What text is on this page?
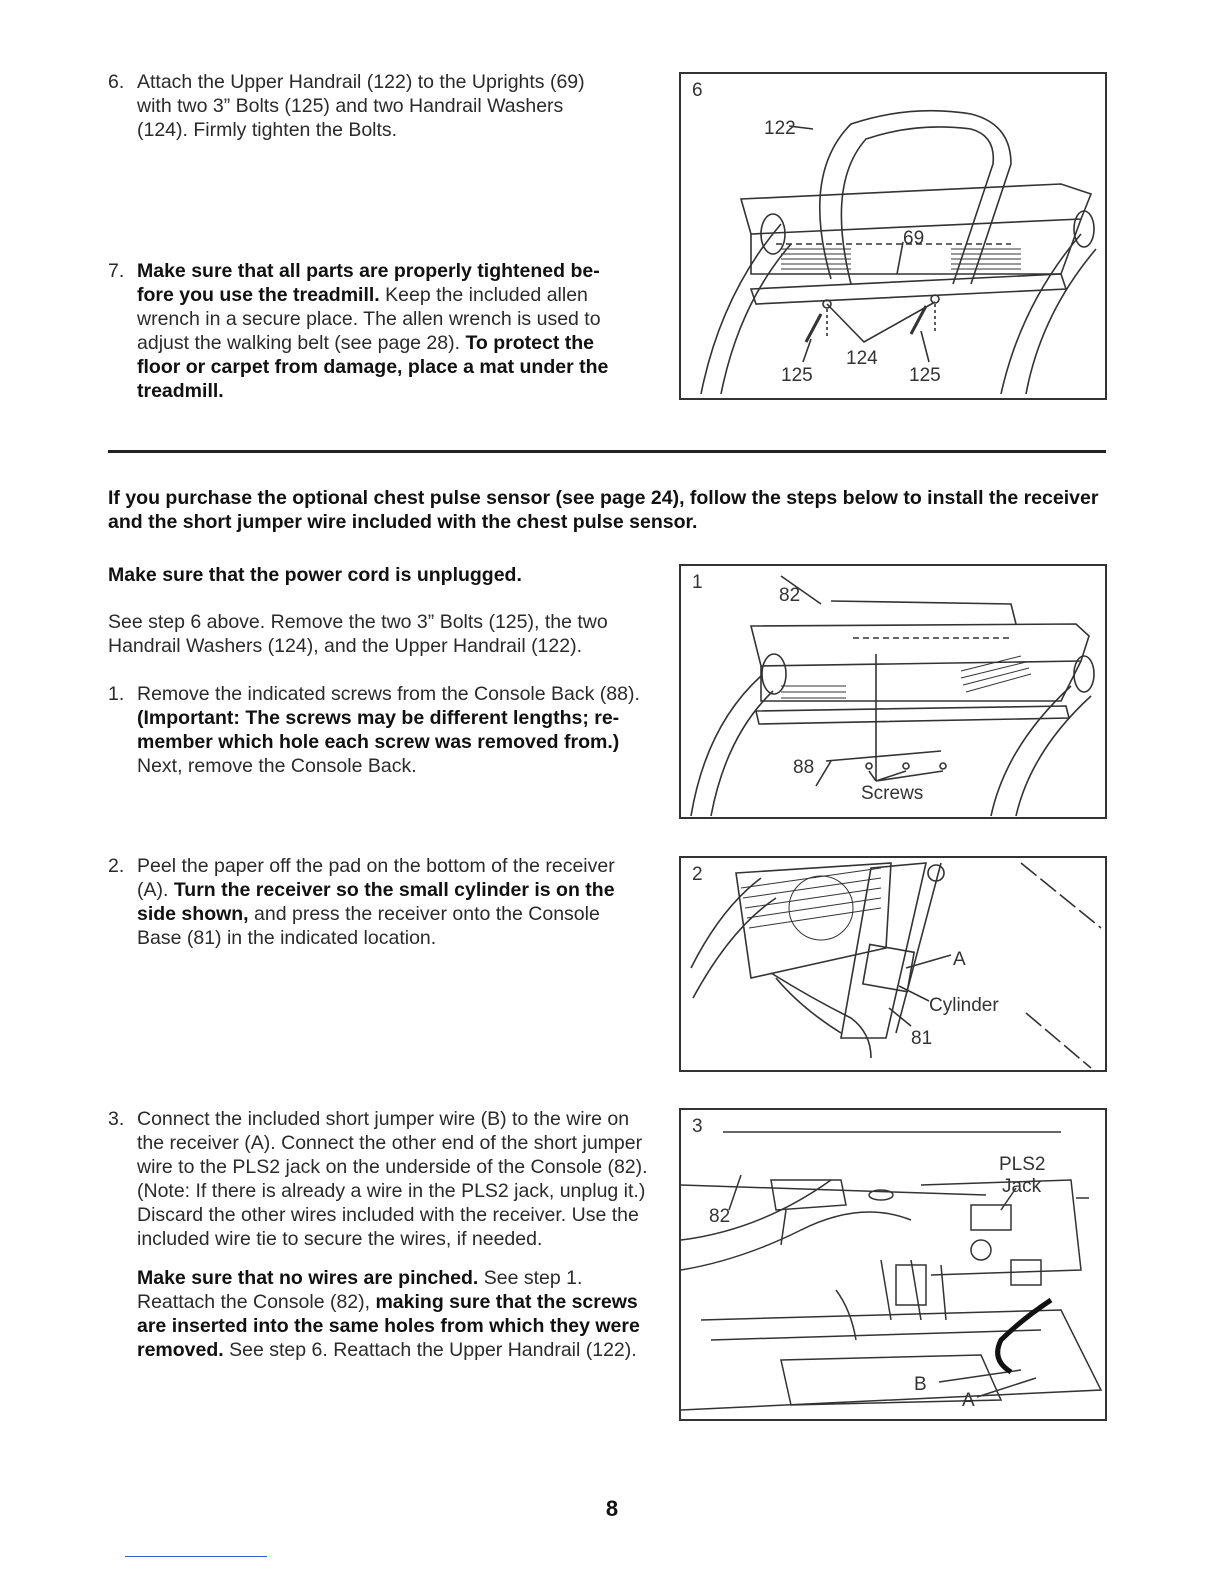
6. Attach the Upper Handrail (122) to the Uprights (69) with two 3” Bolts (125) and two Handrail Washers (124). Firmly tighten the Bolts.
7. Make sure that all parts are properly tightened be-fore you use the treadmill. Keep the included allen wrench in a secure place. The allen wrench is used to adjust the walking belt (see page 28). To protect the floor or carpet from damage, place a mat under the treadmill.
6
122
69
124
125	125
If you purchase the optional chest pulse sensor (see page 24), follow the steps below to install the receiver and the short jumper wire included with the chest pulse sensor.
Make sure that the power cord is unplugged.
See step 6 above. Remove the two 3” Bolts (125), the two Handrail Washers (124), and the Upper Handrail (122).
1. Remove the indicated screws from the Console Back (88). (Important: The screws may be different lengths; re-member which hole each screw was removed from.) Next, remove the Console Back.
1
82
88
Screws
2. Peel the paper off the pad on the bottom of the receiver (A). Turn the receiver so the small cylinder is on the side shown, and press the receiver onto the Console Base (81) in the indicated location.
2
A
Cylinder
81
3. Connect the included short jumper wire (B) to the wire on the receiver (A). Connect the other end of the short jumper wire to the PLS2 jack on the underside of the Console (82). (Note: If there is already a wire in the PLS2 jack, unplug it.) Discard the other wires included with the receiver. Use the included wire tie to secure the wires, if needed.
Make sure that no wires are pinched. See step 1. Reattach the Console (82), making sure that the screws are inserted into the same holes from which they were removed. See step 6. Reattach the Upper Handrail (122).
3
PLS2
Jack
82
B
A
8
